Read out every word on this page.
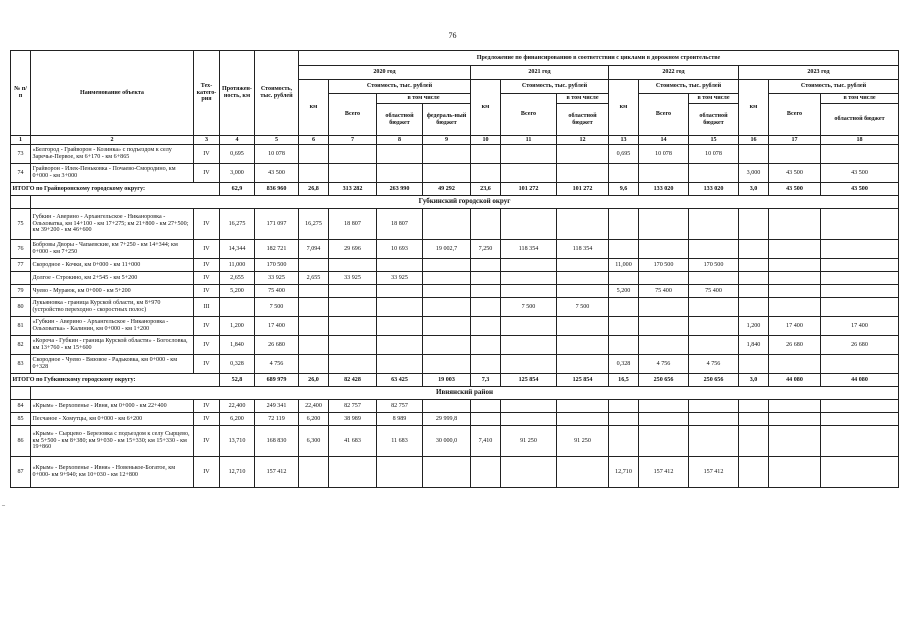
76
№ п/п	Наименование объекта	Тех-катего-рия	Протяжен-ность, км	Стоимость, тыс. рублей	Предложение по финансированию в соответствии с циклами в дорожном строительстве												
					2020 год				2021 год			2022 год			2023 год		
					км	Стоимость, тыс. рублей			км	Стоимость, тыс. рублей		км	Стоимость, тыс. рублей		км	Стоимость, тыс. рублей	
						Всего	в том числе			Всего	в том числе		Всего	в том числе		Всего	в том числе
							областной бюджет	федераль-ный бюджет			областной бюджет			областной бюджет			областной бюджет
1	2	3	4	5	6	7	8	9	10	11	12	13	14	15	16	17	18
73	«Белгород - Грайворон - Козинка» с подъездом к селу Заречье-Первое, км 6+170 - км 6+865	IV	0,695	10 078								0,695	10 078	10 078			
74	Грайворон - Илек-Пеньковка - Почаево-Смородино, км 0+000 - км 3+000	IV	3,000	43 500											3,000	43 500	43 500
ИТОГО по Грайворонскому городскому округу:			62,9	836 960	26,8	313 282	263 990	49 292	23,6	101 272	101 272	9,6	133 020	133 020	3,0	43 500	43 500
	Губкинский городской округ																
75	Губкин - Аверино - Архангельское - Никаноровка - Ольховатка, км 14+100 - км 17+275; км 21+800 - км 27+500; км 39+200 - км 46+600	IV	16,275	171 097	16,275	18 807	18 807										
76	Бобровы Дворы - Чапаевские, км 7+250 - км 14+344; км 0+000 - км 7+250	IV	14,344	182 721	7,094	29 696	10 693	19 002,7	7,250	118 354	118 354						
77	Скородное - Кочки, км 0+000 - км 11+000	IV	11,000	170 500								11,000	170 500	170 500			
	Долгое - Строкино, км 2+545 - км 5+200	IV	2,655	33 925	2,655	33 925	33 925										
79	Чуево - Мураюк, км 0+000 - км 5+200	IV	5,200	75 400								5,200	75 400	75 400			
80	Лукьяновка - граница Курской области, км 8+970 (устройство переходно - скоростных полос)	III		7 500						7 500	7 500						
81	«Губкин - Аверино - Архангельское - Никаноровка - Ольховатка» - Калинин, км 0+000 - км 1+200	IV	1,200	17 400											1,200	17 400	17 400
82	«Короча - Губкин - граница Курской области» - Богословка, км 13+760 - км 15+600	IV	1,840	26 680											1,840	26 680	26 680
83	Скородное - Чуево - Вязовое - Радьковка, км 0+000 - км 0+328	IV	0,328	4 756								0,328	4 756	4 756			
ИТОГО по Губкинскому городскому округу:			52,8	689 979	26,0	82 428	63 425	19 003	7,3	125 854	125 854	16,5	250 656	250 656	3,0	44 080	44 080
	Ивнянский район																
84	«Крым» - Верхопенье - Ивня, км 0+000 - км 22+400	IV	22,400	249 341	22,400	82 757	82 757										
85	Песчаное - Хомутцы, км 0+000 - км 6+200	IV	6,200	72 119	6,200	38 989	8 989	29 999,8									
86	«Крым» - Сырцево - Березовка с подъездом к селу Сырцево, км 5+500 - км 8+380; км 9+030 - км 15+330; км 15+330 - км 19+860	IV	13,710	168 830	6,300	41 683	11 683	30 000,0	7,410	91 250	91 250						
87	«Крым» - Верхопенье - Ивня» - Новенькое-Богатое, км 0+000- км 9+940; км 10+030 - км 12+800	IV	12,710	157 412								12,710	157 412	157 412			
–
